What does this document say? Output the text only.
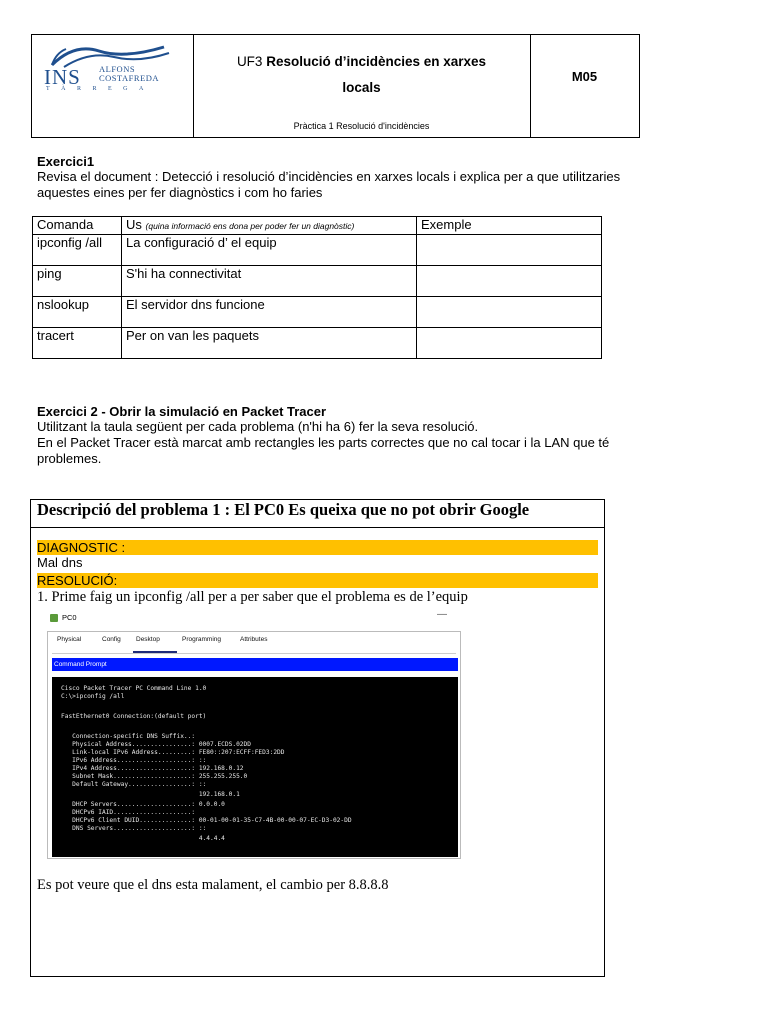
INS ALFONS
COSTAFREDA
TÀRREGA
UF3 Resolució d’incidències en xarxes
locals
Pràctica 1 Resolució d'incidències
M05
Exercici1
Revisa el document : Detecció i resolució d’incidències en xarxes locals i explica per a que utilitzaries
aquestes eines per fer diagnòstics i com ho faries
Comanda	Us (quina informació ens dona per poder fer un diagnòstic)	Exemple
ipconfig /all	La configuració d’ el equip	
ping	S'hi ha connectivitat	
nslookup	El servidor dns funcione	
tracert	Per on van les paquets	
Exercici 2 - Obrir la simulació en Packet Tracer
Utilitzant la taula següent per cada problema (n'hi ha 6) fer la seva resolució.
En el Packet Tracer està marcat amb rectangles les parts correctes que no cal tocar i la LAN que té
problemes.
Descripció del problema 1 : El PC0 Es queixa que no pot obrir Google
DIAGNOSTIC :
Mal dns
RESOLUCIÓ:
1. Prime faig un ipconfig /all per a per saber que el problema es de l’equip
PC0	—
Physical	Config Desktop	Programming	Attributes
Command Prompt
Cisco Packet Tracer PC Command Line 1.0
C:\>ipconfig /all
FastEthernet0 Connection:(default port)
Connection-specific DNS Suffix..:
Physical Address................: 0007.ECDS.02DD
Link-local IPv6 Address.........: FE80::207:ECFF:FED3:2DD
IPv6 Address....................: ::
IPv4 Address....................: 192.168.0.12
Subnet Mask.....................: 255.255.255.0
Default Gateway.................: ::
192.168.0.1
DHCP Servers....................: 0.0.0.0
DHCPv6 IAID.....................:
DHCPv6 Client DUID..............: 00-01-00-01-35-C7-4B-00-00-07-EC-D3-02-DD
DNS Servers.....................: ::
4.4.4.4
Es pot veure que el dns esta malament, el cambio per 8.8.8.8
